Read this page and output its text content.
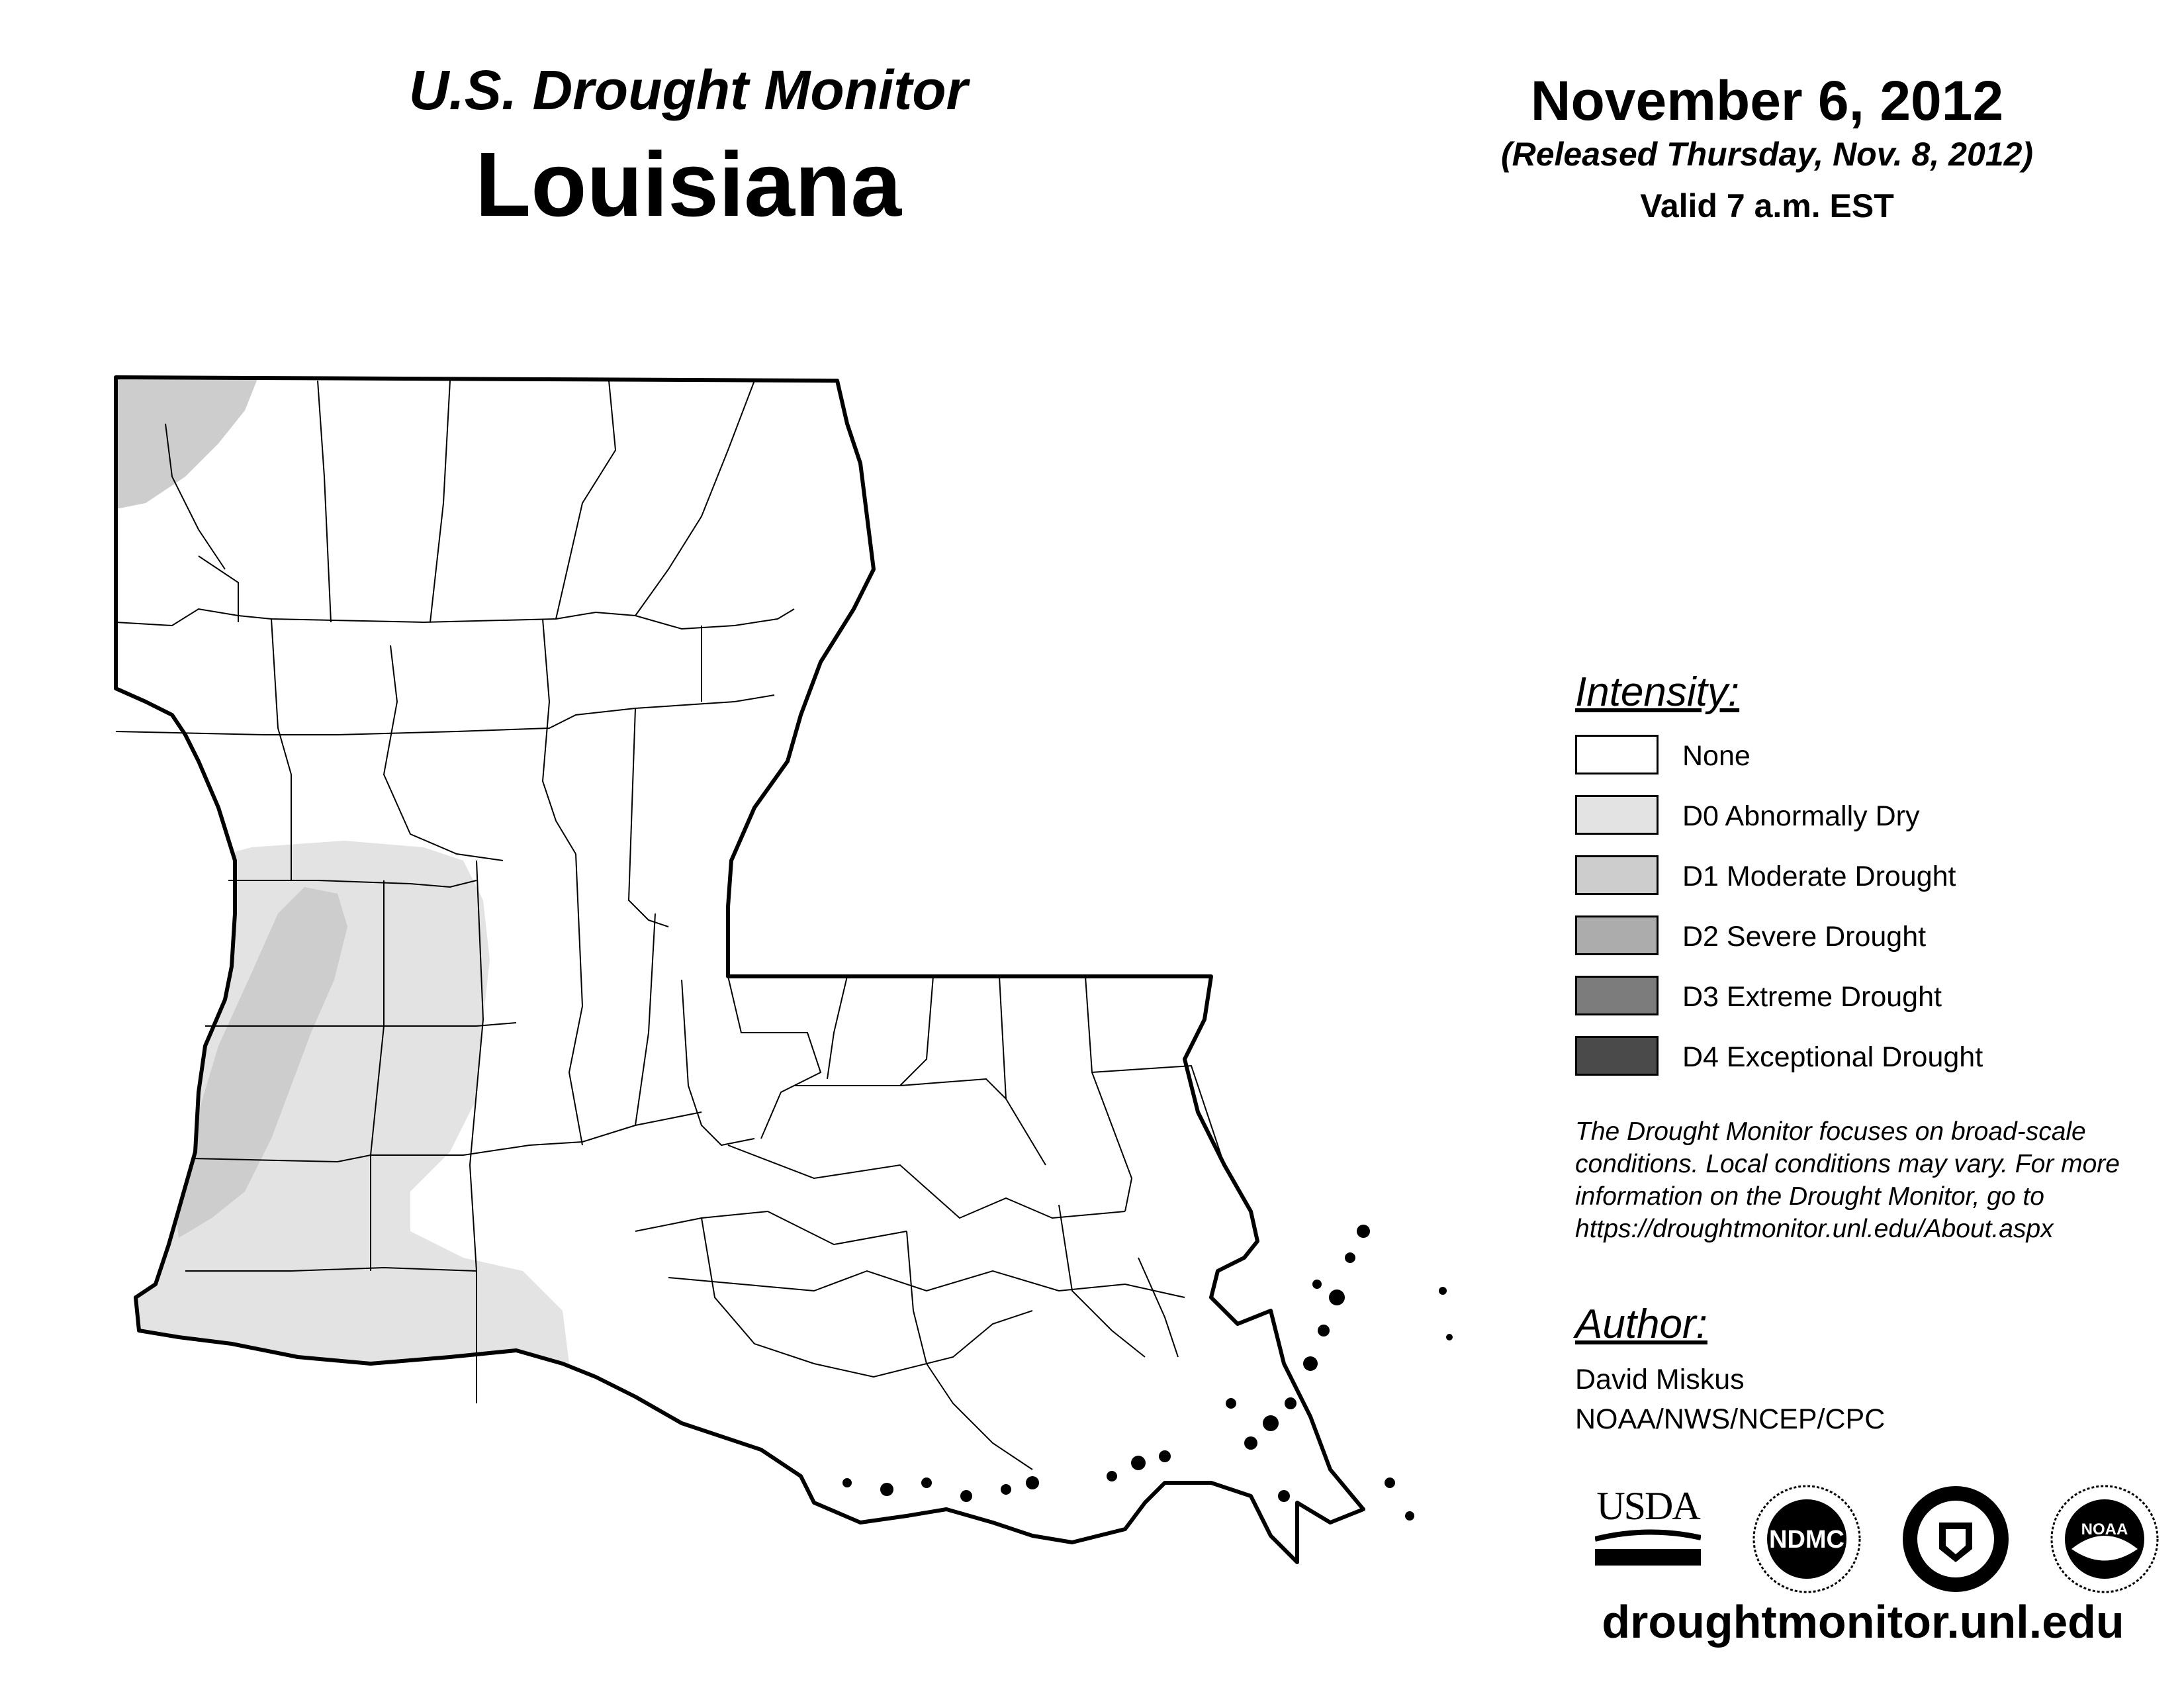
U.S. Drought Monitor
Louisiana
November 6, 2012
(Released Thursday, Nov. 8, 2012)
Valid 7 a.m. EST
Intensity:
None
D0 Abnormally Dry
D1 Moderate Drought
D2 Severe Drought
D3 Extreme Drought
D4 Exceptional Drought
The Drought Monitor focuses on broad-scale conditions. Local conditions may vary. For more information on the Drought Monitor, go to https://droughtmonitor.unl.edu/About.aspx
Author:
David Miskus
NOAA/NWS/NCEP/CPC
USDA
NDMC	NOAA
droughtmonitor.unl.edu
